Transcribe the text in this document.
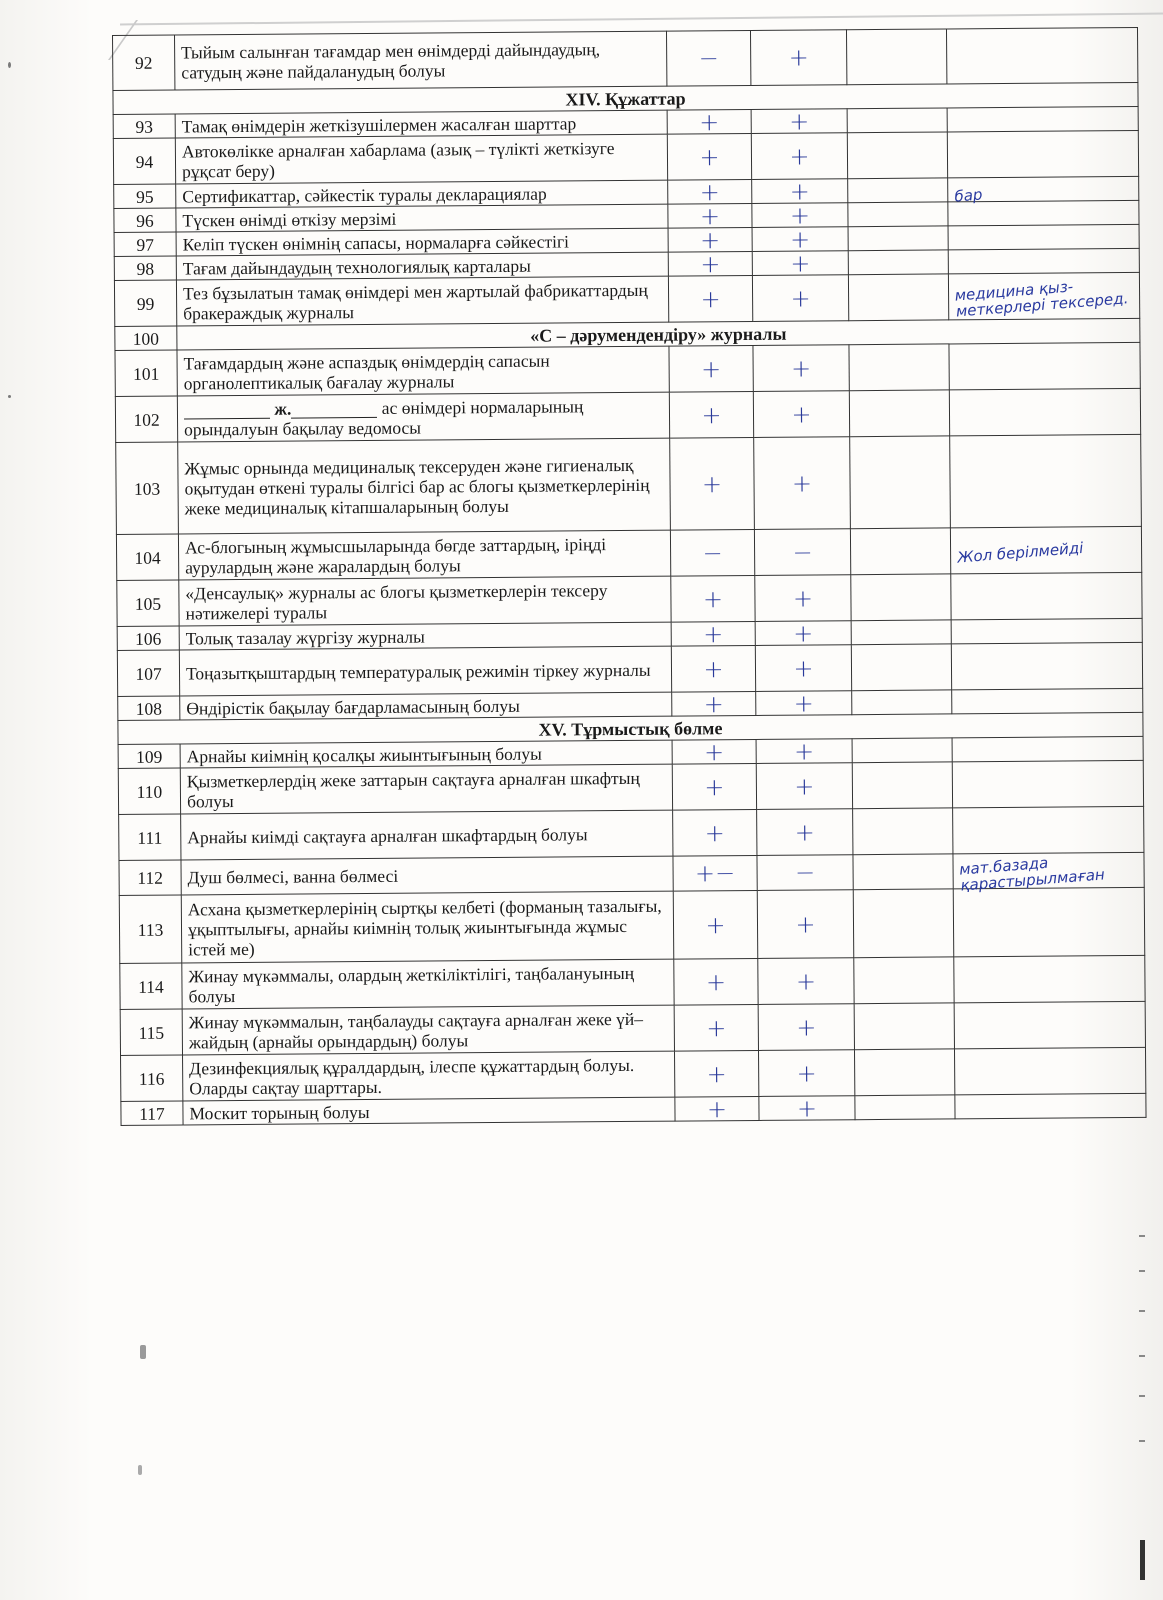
92	Тыйым салынған тағамдар мен өнімдерді дайындаудың, сатудың және пайдаланудың болуы	−	+		

XIV. Құжаттар					
93	Тамақ өнімдерін жеткізушілермен жасалған шарттар	+	+		

94	Автокөлікке арналған хабарлама (азық – түлікті жеткізуге рұқсат беру)	+	+		

95	Сертификаттар, сәйкестік туралы декларациялар	+	+		бар

96	Түскен өнімді өткізу мерзімі	+	+		

97	Келіп түскен өнімнің сапасы, нормаларға сәйкестігі	+	+		

98	Тағам дайындаудың технологиялық карталары	+	+		

99	Тез бұзылатын тамақ өнімдері мен жартылай фабрикаттардың бракераждық журналы	+	+		медицина қыз-меткерлері тексеред.

100	«С – дәрумендендіру» журналы				
101	Тағамдардың және аспаздық өнімдердің сапасын органолептикалық бағалау журналы	+	+		

102	ж. ас өнімдері нормаларының орындалуын бақылау ведомосы	+	+		

103	Жұмыс орнында медициналық тексеруден және гигиеналық оқытудан өткені туралы білгісі бар ас блогы қызметкерлерінің жеке медициналық кітапшаларының болуы	+	+		

104	Ас-блогының жұмысшыларында бөгде заттардың, іріңді аурулардың және жаралардың болуы	−	−		Жол берілмейді

105	«Денсаулық» журналы ас блогы қызметкерлерін тексеру нәтижелері туралы	+	+		

106	Толық тазалау жүргізу журналы	+	+		

107	Тоңазытқыштардың температуралық режимін тіркеу журналы	+	+		

108	Өндірістік бақылау бағдарламасының болуы	+	+		

XV. Тұрмыстық бөлме					
109	Арнайы киімнің қосалқы жиынтығының болуы	+	+		

110	Қызметкерлердің жеке заттарын сақтауға арналған шкафтың болуы	+	+		

111	Арнайы киімді сақтауға арналған шкафтардың болуы	+	+		

112	Душ бөлмесі, ванна бөлмесі	+−	−		мат.базада қарастырылмаған

113	Асхана қызметкерлерінің сыртқы келбеті (форманың тазалығы, ұқыптылығы, арнайы киімнің толық жиынтығында жұмыс істей ме)	+	+		

114	Жинау мүкәммалы, олардың жеткіліктілігі, таңбалануының болуы	+	+		

115	Жинау мүкәммалын, таңбалауды сақтауға арналған жеке үй–жайдың (арнайы орындардың) болуы	+	+		

116	Дезинфекциялық құралдардың, ілеспе құжаттардың болуы. Оларды сақтау шарттары.	+	+		

117	Москит торының болуы	+	+		
